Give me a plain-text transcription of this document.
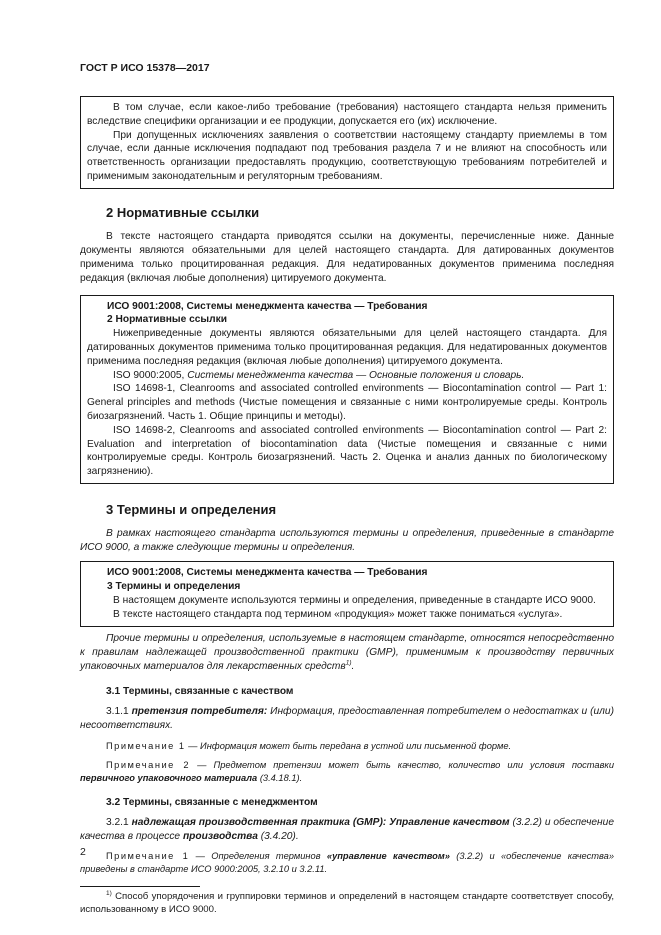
ГОСТ Р ИСО 15378—2017

В том случае, если какое-либо требование (требования) настоящего стандарта нельзя применить вследствие специфики организации и ее продукции, допускается его (их) исключение.

При допущенных исключениях заявления о соответствии настоящему стандарту приемлемы в том случае, если данные исключения подпадают под требования раздела 7 и не влияют на способность или ответственность организации предоставлять продукцию, соответствующую требованиям потребителей и применимым законодательным и регуляторным требованиям.

2 Нормативные ссылки

В тексте настоящего стандарта приводятся ссылки на документы, перечисленные ниже. Данные документы являются обязательными для целей настоящего стандарта. Для датированных документов применима только процитированная редакция. Для недатированных документов применима последняя редакция (включая любые дополнения) цитируемого документа.

ИСО 9001:2008, Системы менеджмента качества — Требования

2 Нормативные ссылки

Нижеприведенные документы являются обязательными для целей настоящего стандарта. Для датированных документов применима только процитированная редакция. Для недатированных документов применима последняя редакция (включая любые дополнения) цитируемого документа.

ISO 9000:2005, Системы менеджмента качества — Основные положения и словарь.

ISO 14698-1, Cleanrooms and associated controlled environments — Biocontamination control — Part 1: General principles and methods (Чистые помещения и связанные с ними контролируемые среды. Контроль биозагрязнений. Часть 1. Общие принципы и методы).

ISO 14698-2, Cleanrooms and associated controlled environments — Biocontamination control — Part 2: Evaluation and interpretation of biocontamination data (Чистые помещения и связанные с ними контролируемые среды. Контроль биозагрязнений. Часть 2. Оценка и анализ данных по биологическому загрязнению).

3 Термины и определения

В рамках настоящего стандарта используются термины и определения, приведенные в стандарте ИСО 9000, а также следующие термины и определения.

ИСО 9001:2008, Системы менеджмента качества — Требования

3 Термины и определения

В настоящем документе используются термины и определения, приведенные в стандарте ИСО 9000.

В тексте настоящего стандарта под термином «продукция» может также пониматься «услуга».

Прочие термины и определения, используемые в настоящем стандарте, относятся непосредственно к правилам надлежащей производственной практики (GMP), применимым к производству первичных упаковочных материалов для лекарственных средств$^{1)}$.

3.1 Термины, связанные с качеством

3.1.1 претензия потребителя: Информация, предоставленная потребителем о недостатках и (или) несоответствиях.

Примечание 1 — Информация может быть передана в устной или письменной форме.

Примечание 2 — Предметом претензии может быть качество, количество или условия поставки первичного упаковочного материала (3.4.18.1).

3.2 Термины, связанные с менеджментом

3.2.1 надлежащая производственная практика (GMP): Управление качеством (3.2.2) и обеспечение качества в процессе производства (3.4.20).

Примечание 1 — Определения терминов «управление качеством» (3.2.2) и «обеспечение качества» приведены в стандарте ИСО 9000:2005, 3.2.10 и 3.2.11.

$^{1)}$ Способ упорядочения и группировки терминов и определений в настоящем стандарте соответствует способу, использованному в ИСО 9000.

2
